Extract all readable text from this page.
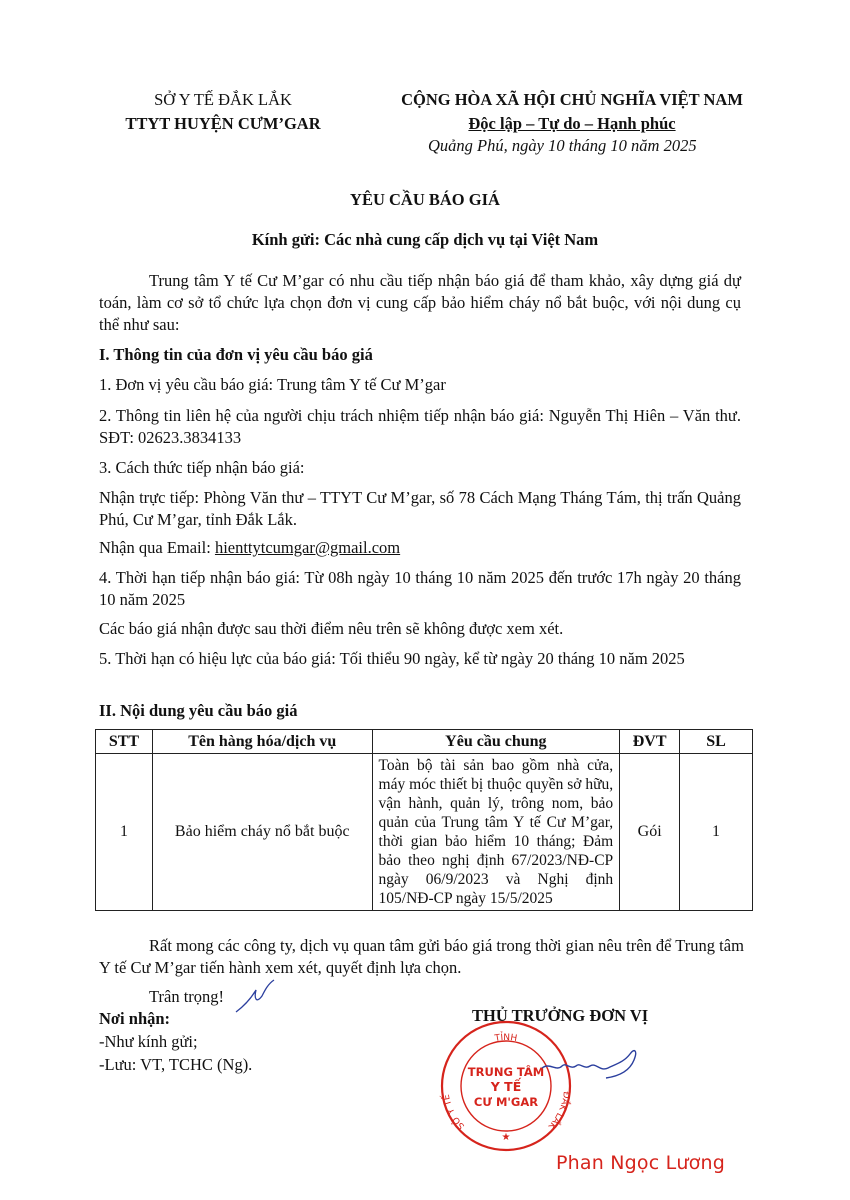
SỞ Y TẾ ĐẮK LẮK
TTYT HUYỆN CƯM’GAR
CỘNG HÒA XÃ HỘI CHỦ NGHĨA VIỆT NAM
Độc lập – Tự do – Hạnh phúc
Quảng Phú, ngày 10 tháng 10 năm 2025
YÊU CẦU BÁO GIÁ
Kính gửi: Các nhà cung cấp dịch vụ tại Việt Nam
Trung tâm Y tế Cư M’gar có nhu cầu tiếp nhận báo giá để tham khảo, xây dựng giá dự toán, làm cơ sở tổ chức lựa chọn đơn vị cung cấp bảo hiểm cháy nổ bắt buộc, với nội dung cụ thể như sau:
I. Thông tin của đơn vị yêu cầu báo giá
1. Đơn vị yêu cầu báo giá: Trung tâm Y tế Cư M’gar
2. Thông tin liên hệ của người chịu trách nhiệm tiếp nhận báo giá: Nguyễn Thị Hiên – Văn thư. SĐT: 02623.3834133
3. Cách thức tiếp nhận báo giá:
Nhận trực tiếp: Phòng Văn thư – TTYT Cư M’gar, số 78 Cách Mạng Tháng Tám, thị trấn Quảng Phú, Cư M’gar, tỉnh Đắk Lắk.
Nhận qua Email: hienttytcumgar@gmail.com
4. Thời hạn tiếp nhận báo giá: Từ 08h ngày 10 tháng 10 năm 2025 đến trước 17h ngày 20 tháng 10 năm 2025
Các báo giá nhận được sau thời điểm nêu trên sẽ không được xem xét.
5. Thời hạn có hiệu lực của báo giá: Tối thiểu 90 ngày, kể từ ngày 20 tháng 10 năm 2025
II. Nội dung yêu cầu báo giá
STT	Tên hàng hóa/dịch vụ	Yêu cầu chung	ĐVT	SL
1	Bảo hiểm cháy nổ bắt buộc	Toàn bộ tài sản bao gồm nhà cửa, máy móc thiết bị thuộc quyền sở hữu, vận hành, quản lý, trông nom, bảo quản của Trung tâm Y tế Cư M’gar, thời gian bảo hiểm 10 tháng; Đảm bảo theo nghị định 67/2023/NĐ-CP ngày 06/9/2023 và Nghị định 105/NĐ-CP ngày 15/5/2025	Gói	1
Rất mong các công ty, dịch vụ quan tâm gửi báo giá trong thời gian nêu trên để Trung tâm Y tế Cư M’gar tiến hành xem xét, quyết định lựa chọn.
Trân trọng!
Nơi nhận:
-Như kính gửi;
-Lưu: VT, TCHC (Ng).
THỦ TRƯỞNG ĐƠN VỊ
TỈNH
SỞ Y TẾ	ĐẮK LẮK
TRUNG TÂM
Y TẾ
CƯ M'GAR
★
Phan Ngọc Lương
